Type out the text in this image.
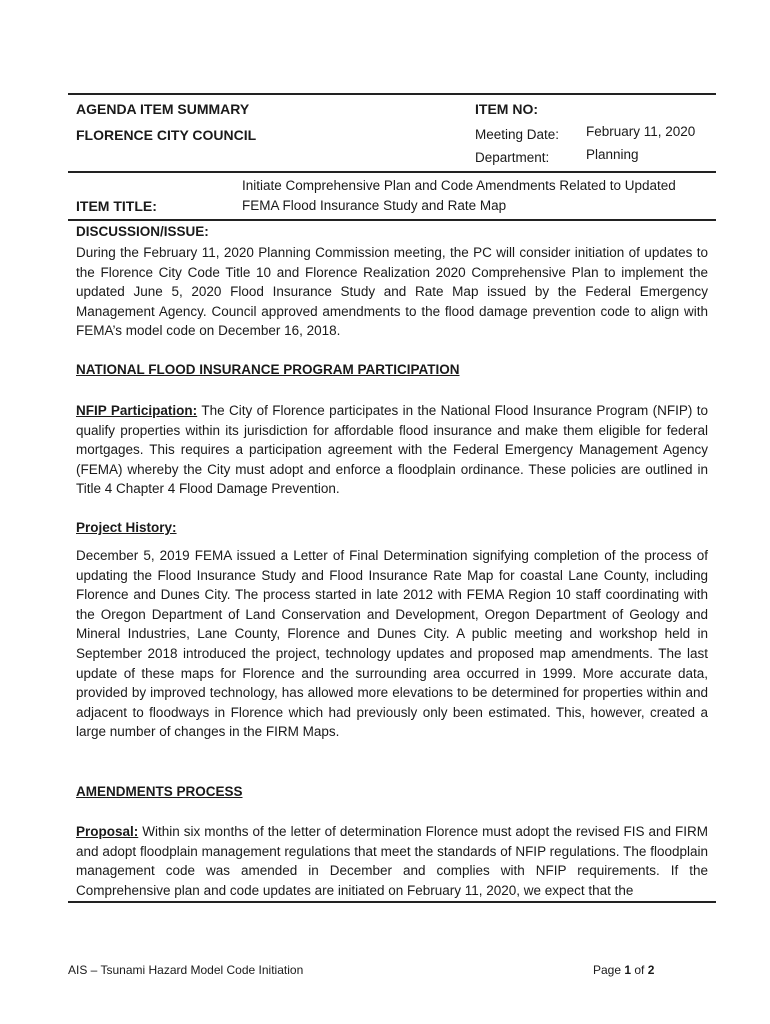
AGENDA ITEM SUMMARY
FLORENCE CITY COUNCIL
ITEM NO:
Meeting Date: February 11, 2020
Department:	Planning
ITEM TITLE:
Initiate Comprehensive Plan and Code Amendments Related to Updated
FEMA Flood Insurance Study and Rate Map
DISCUSSION/ISSUE:

During the February 11, 2020 Planning Commission meeting, the PC will consider initiation of updates to the Florence City Code Title 10 and Florence Realization 2020 Comprehensive Plan to implement the updated June 5, 2020 Flood Insurance Study and Rate Map issued by the Federal Emergency Management Agency. Council approved amendments to the flood damage prevention code to align with FEMA’s model code on December 16, 2018.

NATIONAL FLOOD INSURANCE PROGRAM PARTICIPATION

NFIP Participation: The City of Florence participates in the National Flood Insurance Program (NFIP) to qualify properties within its jurisdiction for affordable flood insurance and make them eligible for federal mortgages. This requires a participation agreement with the Federal Emergency Management Agency (FEMA) whereby the City must adopt and enforce a floodplain ordinance. These policies are outlined in Title 4 Chapter 4 Flood Damage Prevention.

Project History:

December 5, 2019 FEMA issued a Letter of Final Determination signifying completion of the process of updating the Flood Insurance Study and Flood Insurance Rate Map for coastal Lane County, including Florence and Dunes City. The process started in late 2012 with FEMA Region 10 staff coordinating with the Oregon Department of Land Conservation and Development, Oregon Department of Geology and Mineral Industries, Lane County, Florence and Dunes City. A public meeting and workshop held in September 2018 introduced the project, technology updates and proposed map amendments. The last update of these maps for Florence and the surrounding area occurred in 1999. More accurate data, provided by improved technology, has allowed more elevations to be determined for properties within and adjacent to floodways in Florence which had previously only been estimated. This, however, created a large number of changes in the FIRM Maps.

AMENDMENTS PROCESS

Proposal: Within six months of the letter of determination Florence must adopt the revised FIS and FIRM and adopt floodplain management regulations that meet the standards of NFIP regulations. The floodplain management code was amended in December and complies with NFIP requirements. If the Comprehensive plan and code updates are initiated on February 11, 2020, we expect that the

AIS – Tsunami Hazard Model Code Initiation	Page 1 of 2
